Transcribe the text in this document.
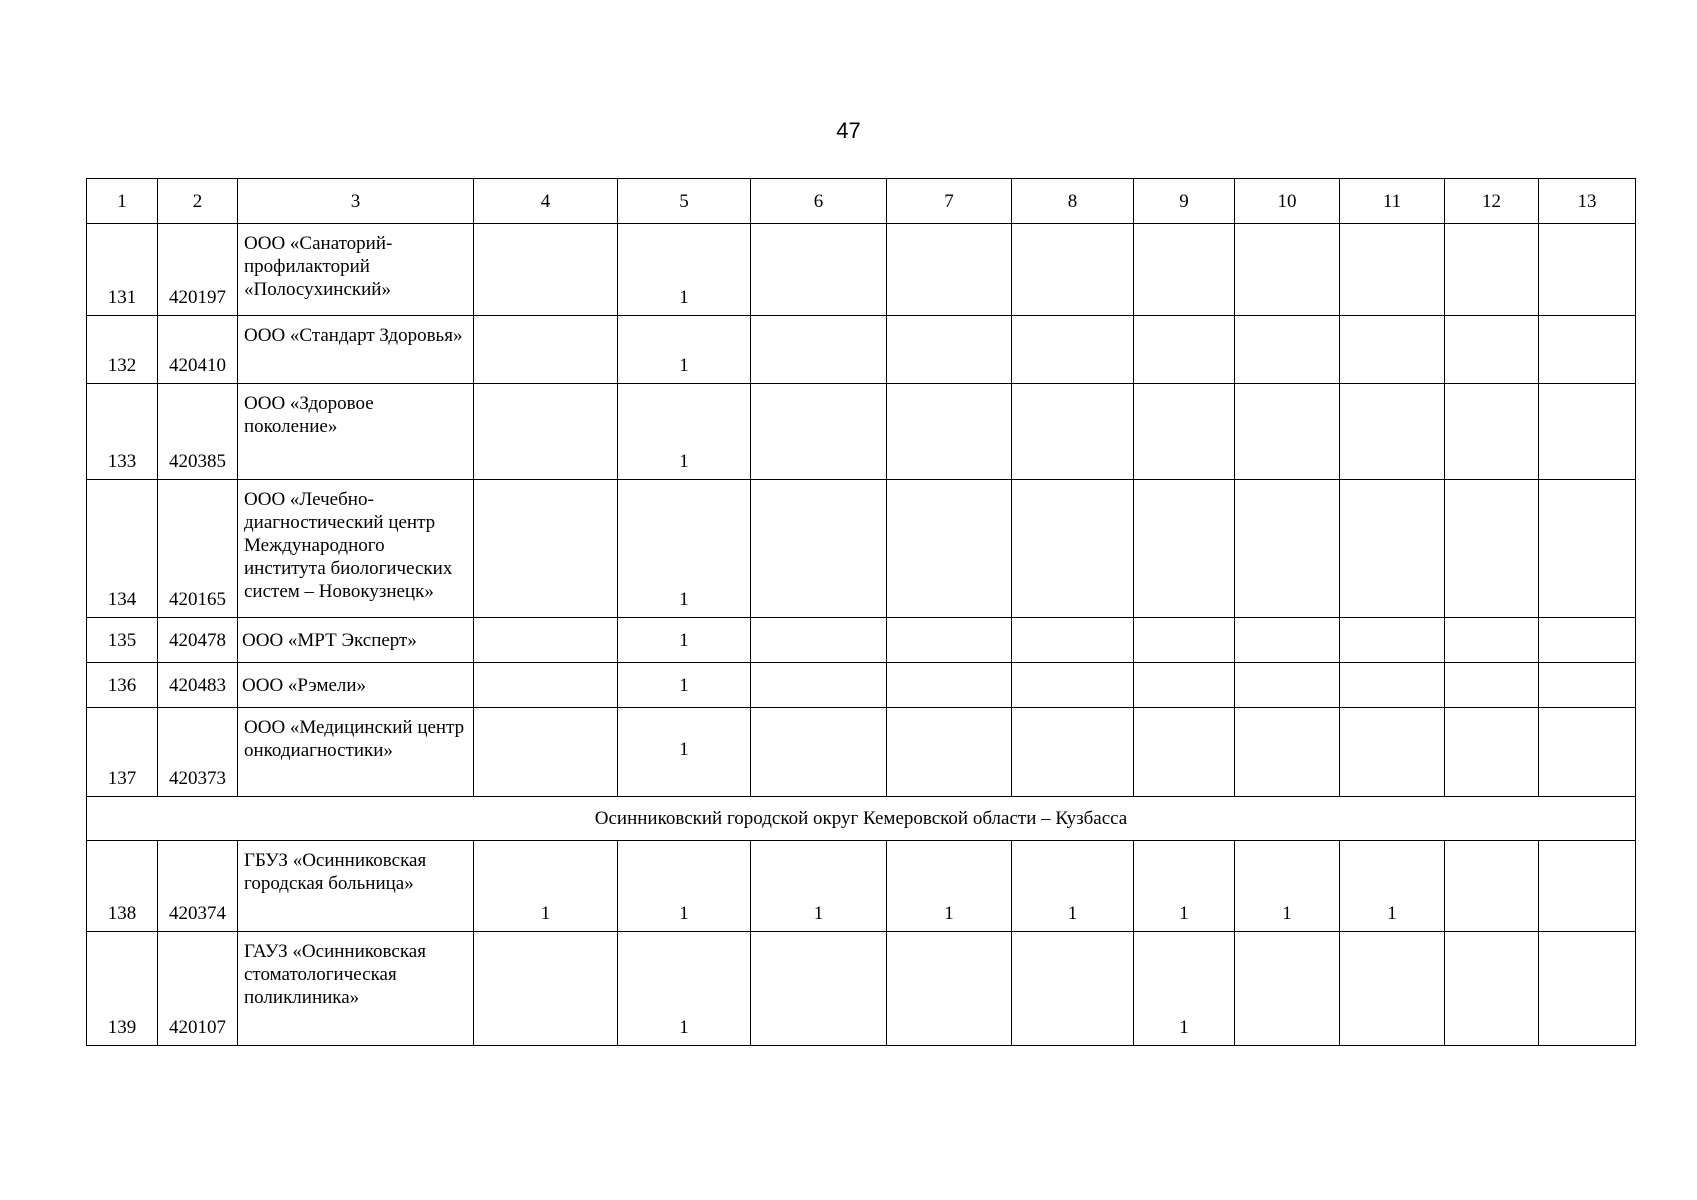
47
1	2	3	4	5	6	7	8	9	10	11	12	13
131	420197	ООО «Санаторий-профилакторий «Полосухинский»		1								
132	420410	ООО «Стандарт Здоровья»		1								
133	420385	ООО «Здоровое поколение»		1								
134	420165	ООО «Лечебно-диагностический центр Международного института биологических систем – Новокузнецк»		1								
135	420478	ООО «МРТ Эксперт»		1								
136	420483	ООО «Рэмели»		1								
137	420373	ООО «Медицинский центр онкодиагностики»		1								
Осинниковский городской округ Кемеровской области – Кузбасса												
138	420374	ГБУЗ «Осинниковская городская больница»	1	1	1	1	1	1	1	1		
139	420107	ГАУЗ «Осинниковская стоматологическая поликлиника»		1				1				
